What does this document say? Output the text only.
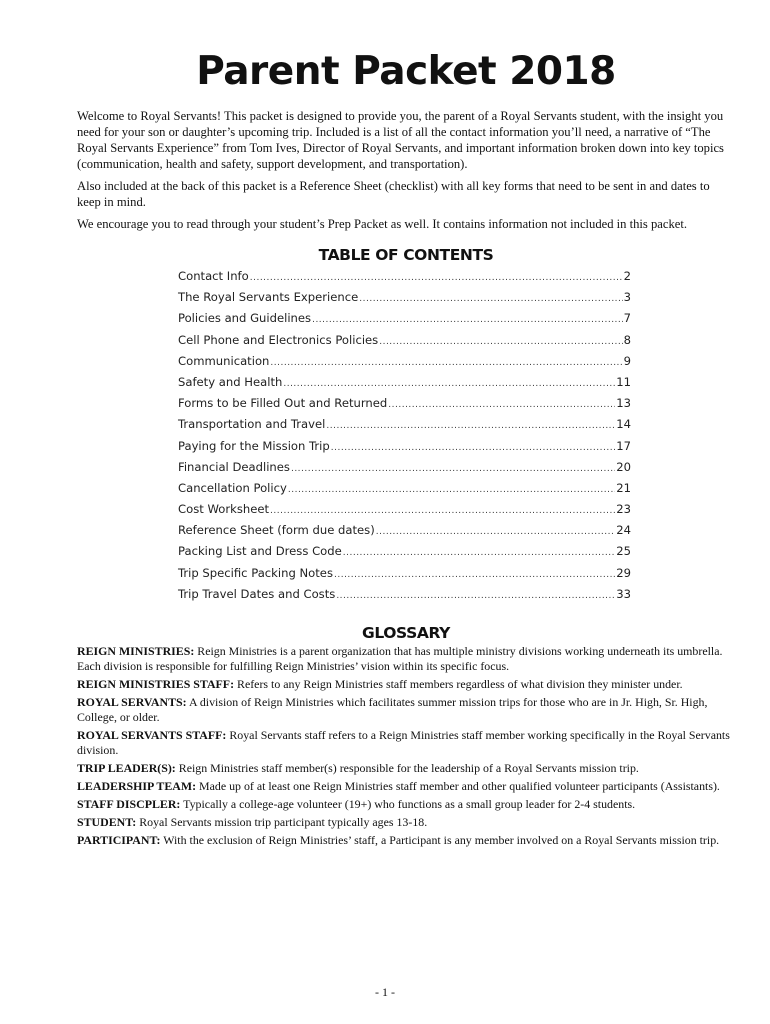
Parent Packet 2018

Welcome to Royal Servants! This packet is designed to provide you, the parent of a Royal Servants student, with the insight you need for your son or daughter’s upcoming trip. Included is a list of all the contact information you’ll need, a narrative of “The Royal Servants Experience” from Tom Ives, Director of Royal Servants, and important information broken down into key topics (communication, health and safety, support development, and transportation).

Also included at the back of this packet is a Reference Sheet (checklist) with all key forms that need to be sent in and dates to keep in mind.

We encourage you to read through your student’s Prep Packet as well. It contains information not included in this packet.

TABLE OF CONTENTS
Contact Info .....	2
The Royal Servants Experience .....	3
Policies and Guidelines .....	7
Cell Phone and Electronics Policies .....	8
Communication .....	9
Safety and Health .....	11
Forms to be Filled Out and Returned .....	13
Transportation and Travel .....	14
Paying for the Mission Trip .....	17
Financial Deadlines .....	20
Cancellation Policy .....	21
Cost Worksheet .....	23
Reference Sheet (form due dates) .....	24
Packing List and Dress Code .....	25
Trip Specific Packing Notes .....	29
Trip Travel Dates and Costs .....	33
GLOSSARY

REIGN MINISTRIES: Reign Ministries is a parent organization that has multiple ministry divisions working underneath its umbrella. Each division is responsible for fulfilling Reign Ministries’ vision within its specific focus.

REIGN MINISTRIES STAFF: Refers to any Reign Ministries staff members regardless of what division they minister under.

ROYAL SERVANTS: A division of Reign Ministries which facilitates summer mission trips for those who are in Jr. High, Sr. High, College, or older.

ROYAL SERVANTS STAFF: Royal Servants staff refers to a Reign Ministries staff member working specifically in the Royal Servants division.

TRIP LEADER(S): Reign Ministries staff member(s) responsible for the leadership of a Royal Servants mission trip.

LEADERSHIP TEAM: Made up of at least one Reign Ministries staff member and other qualified volunteer participants (Assistants).

STAFF DISCPLER: Typically a college-age volunteer (19+) who functions as a small group leader for 2-4 students.

STUDENT: Royal Servants mission trip participant typically ages 13-18.

PARTICIPANT: With the exclusion of Reign Ministries’ staff, a Participant is any member involved on a Royal Servants mission trip.

- 1 -
